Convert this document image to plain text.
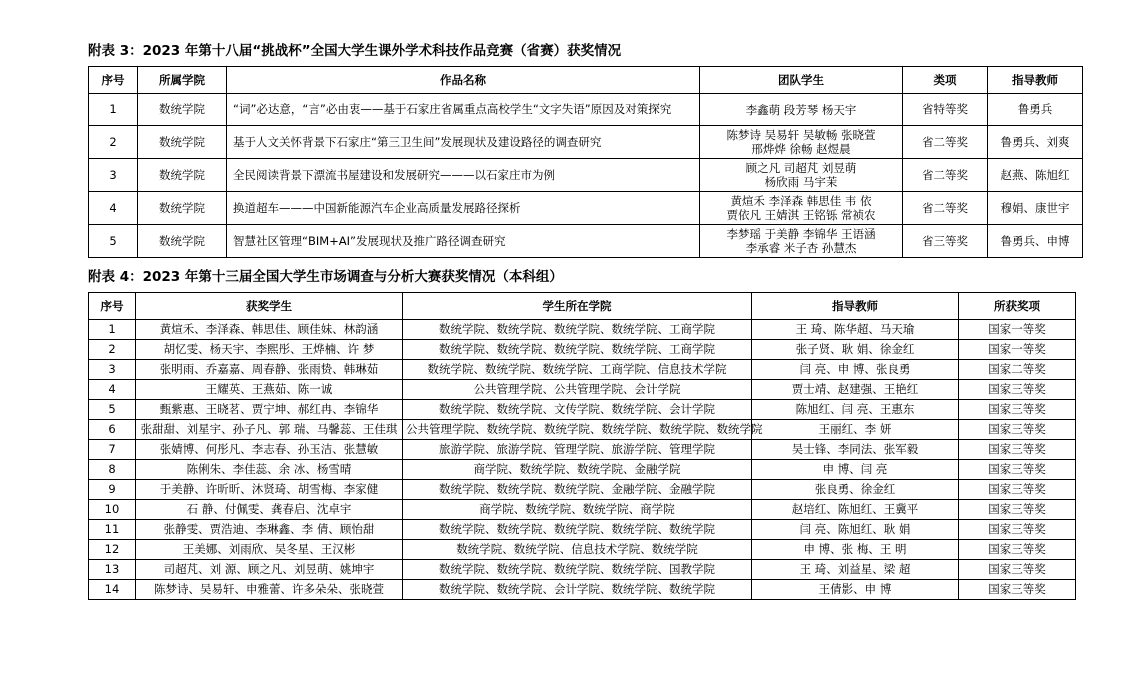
附表 3：2023 年第十八届“挑战杯”全国大学生课外学术科技作品竞赛（省赛）获奖情况
序号	所属学院	作品名称	团队学生	类项	指导教师
1	数统学院	“词”必达意，“言”必由衷——基于石家庄省属重点高校学生“文字失语”原因及对策探究	李鑫萌 段芳琴 杨天宇	省特等奖	鲁勇兵

2	数统学院	基于人文关怀背景下石家庄“第三卫生间”发展现状及建设路径的调查研究	陈梦诗 吴易轩 吴敏畅 张晓萱
邢烨烨 徐畅 赵煜晨	省二等奖	鲁勇兵、刘爽

3	数统学院	全民阅读背景下漂流书屋建设和发展研究———以石家庄市为例	顾之凡 司超芃 刘昱萌
杨欣雨 马宇茉	省二等奖	赵燕、陈旭红

4	数统学院	换道超车———中国新能源汽车企业高质量发展路径探析	黄煊禾 李泽森 韩思佳 韦 依
贾依凡 王婧淇 王铭铄 常祯农	省二等奖	穆娟、康世宇

5	数统学院	智慧社区管理“BIM+AI”发展现状及推广路径调查研究	李梦瑶 于美静 李锦华 王语涵
李承睿 米子杏 孙慧杰	省三等奖	鲁勇兵、申博
附表 4：2023 年第十三届全国大学生市场调查与分析大赛获奖情况（本科组）
序号	获奖学生	学生所在学院	指导教师	所获奖项
1	黄煊禾、李泽森、韩思佳、顾佳妹、林韵涵	数统学院、数统学院、数统学院、数统学院、工商学院	王 琦、陈华超、马天瑜	国家一等奖
2	胡忆雯、杨天宇、李熙彤、王烨楠、许 梦	数统学院、数统学院、数统学院、数统学院、工商学院	张子贤、耿 娟、徐金红	国家一等奖
3	张明雨、乔嘉嘉、周春静、张雨贽、韩琳茹	数统学院、数统学院、数统学院、工商学院、信息技术学院	闫 亮、申 博、张良勇	国家二等奖
4	王耀英、王燕茹、陈一诚	公共管理学院、公共管理学院、会计学院	贾士靖、赵建强、王艳红	国家三等奖
5	甄紫惠、王晓茗、贾宁坤、郝红冉、李锦华	数统学院、数统学院、文传学院、数统学院、会计学院	陈旭红、闫 亮、王惠东	国家三等奖
6	张甜甜、刘星宇、孙子凡、郭 瑞、马馨蕊、王佳琪	公共管理学院、数统学院、数统学院、数统学院、数统学院、数统学院	王丽红、李 妍	国家三等奖
7	张婧博、何彤凡、李志春、孙玉洁、张慧敏	旅游学院、旅游学院、管理学院、旅游学院、管理学院	吴士锋、李同法、张军毅	国家三等奖
8	陈俐朱、李佳蕊、余 冰、杨雪晴	商学院、数统学院、数统学院、金融学院	申 博、闫 亮	国家三等奖
9	于美静、许昕昕、沐贤琦、胡雪梅、李家健	数统学院、数统学院、数统学院、金融学院、金融学院	张良勇、徐金红	国家三等奖
10	石 静、付佩雯、龚春启、沈卓宇	商学院、数统学院、数统学院、商学院	赵培红、陈旭红、王冀平	国家三等奖
11	张静雯、贾浩迪、李琳鑫、李 倩、顾怡甜	数统学院、数统学院、数统学院、数统学院、数统学院	闫 亮、陈旭红、耿 娟	国家三等奖
12	王美娜、刘雨欣、吴冬星、王汉彬	数统学院、数统学院、信息技术学院、数统学院	申 博、张 梅、王 明	国家三等奖
13	司超芃、刘 源、顾之凡、刘昱萌、姚坤宇	数统学院、数统学院、数统学院、数统学院、国教学院	王 琦、刘益星、梁 超	国家三等奖
14	陈梦诗、吴易轩、申雅蕾、许多朵朵、张晓萱	数统学院、数统学院、会计学院、数统学院、数统学院	王倩影、申 博	国家三等奖
